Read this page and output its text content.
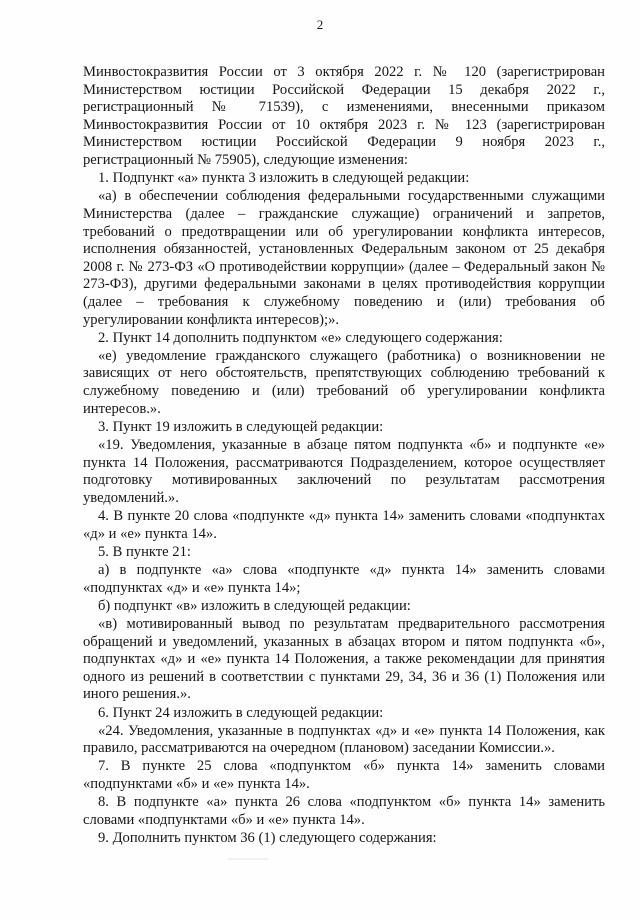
2

Минвостокразвития России от 3 октября 2022 г. № 120 (зарегистрирован Министерством юстиции Российской Федерации 15 декабря 2022 г., регистрационный № 71539), с изменениями, внесенными приказом Минвостокразвития России от 10 октября 2023 г. № 123 (зарегистрирован Министерством юстиции Российской Федерации 9 ноября 2023 г., регистрационный № 75905), следующие изменения:

1. Подпункт «а» пункта 3 изложить в следующей редакции:

«а) в обеспечении соблюдения федеральными государственными служащими Министерства (далее – гражданские служащие) ограничений и запретов, требований о предотвращении или об урегулировании конфликта интересов, исполнения обязанностей, установленных Федеральным законом от 25 декабря 2008 г. № 273-ФЗ «О противодействии коррупции» (далее – Федеральный закон № 273-ФЗ), другими федеральными законами в целях противодействия коррупции (далее – требования к служебному поведению и (или) требования об урегулировании конфликта интересов);».

2. Пункт 14 дополнить подпунктом «е» следующего содержания:

«е) уведомление гражданского служащего (работника) о возникновении не зависящих от него обстоятельств, препятствующих соблюдению требований к служебному поведению и (или) требований об урегулировании конфликта интересов.».

3. Пункт 19 изложить в следующей редакции:

«19. Уведомления, указанные в абзаце пятом подпункта «б» и подпункте «е» пункта 14 Положения, рассматриваются Подразделением, которое осуществляет подготовку мотивированных заключений по результатам рассмотрения уведомлений.».

4. В пункте 20 слова «подпункте «д» пункта 14» заменить словами «подпунктах «д» и «е» пункта 14».

5. В пункте 21:

а) в подпункте «а» слова «подпункте «д» пункта 14» заменить словами «подпунктах «д» и «е» пункта 14»;

б) подпункт «в» изложить в следующей редакции:

«в) мотивированный вывод по результатам предварительного рассмотрения обращений и уведомлений, указанных в абзацах втором и пятом подпункта «б», подпунктах «д» и «е» пункта 14 Положения, а также рекомендации для принятия одного из решений в соответствии с пунктами 29, 34, 36 и 36 (1) Положения или иного решения.».

6. Пункт 24 изложить в следующей редакции:

«24. Уведомления, указанные в подпунктах «д» и «е» пункта 14 Положения, как правило, рассматриваются на очередном (плановом) заседании Комиссии.».

7. В пункте 25 слова «подпунктом «б» пункта 14» заменить словами «подпунктами «б» и «е» пункта 14».

8. В подпункте «а» пункта 26 слова «подпунктом «б» пункта 14» заменить словами «подпунктами «б» и «е» пункта 14».

9. Дополнить пунктом 36 (1) следующего содержания:
